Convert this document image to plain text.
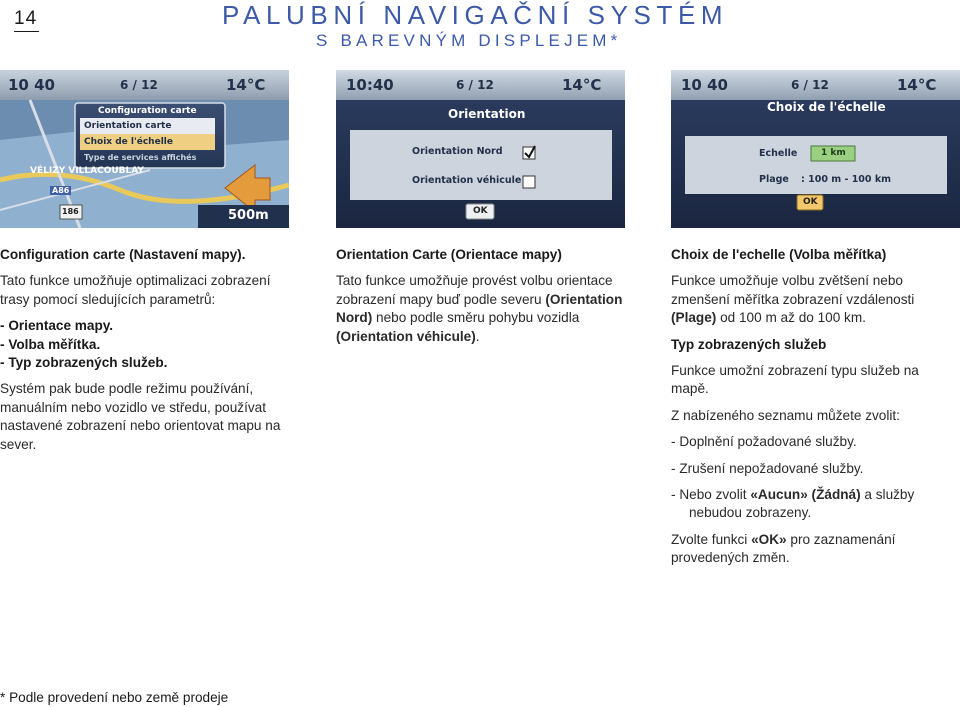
14	PALUBNÍ NAVIGAČNÍ SYSTÉM
S BAREVNÝM DISPLEJEM*
10 40	6 / 12	14°C
Configuration carte
Orientation carte
Choix de l'échelle
Type de services affichés
VÉLIZY VILLACOUBLAY
A86
186	500m
10:40	6 / 12	14°C
Orientation
Orientation Nord
Orientation véhicule
OK
10 40	6 / 12	14°C
Choix de l'échelle
Echelle	1 km
Plage : 100 m - 100 km
OK

Configuration carte (Nastavení mapy).

Tato funkce umožňuje optimalizaci zobrazení trasy pomocí sledujících parametrů:

- Orientace mapy.

- Volba měřítka.

- Typ zobrazených služeb.

Systém pak bude podle režimu používání, manuálním nebo vozidlo ve středu, používat nastavené zobrazení nebo orientovat mapu na sever.

Orientation Carte (Orientace mapy)

Tato funkce umožňuje provést volbu orientace zobrazení mapy buď podle severu (Orientation Nord) nebo podle směru pohybu vozidla (Orientation véhicule).

Choix de l'echelle (Volba měřítka)

Funkce umožňuje volbu zvětšení nebo zmenšení měřítka zobrazení vzdálenosti (Plage) od 100 m až do 100 km.

Typ zobrazených služeb

Funkce umožní zobrazení typu služeb na mapě.

Z nabízeného seznamu můžete zvolit:

- Doplnění požadované služby.

- Zrušení nepožadované služby.

- Nebo zvolit «Aucun» (Žádná) a služby nebudou zobrazeny.

Zvolte funkci «OK» pro zaznamenání provedených změn.

* Podle provedení nebo země prodeje
